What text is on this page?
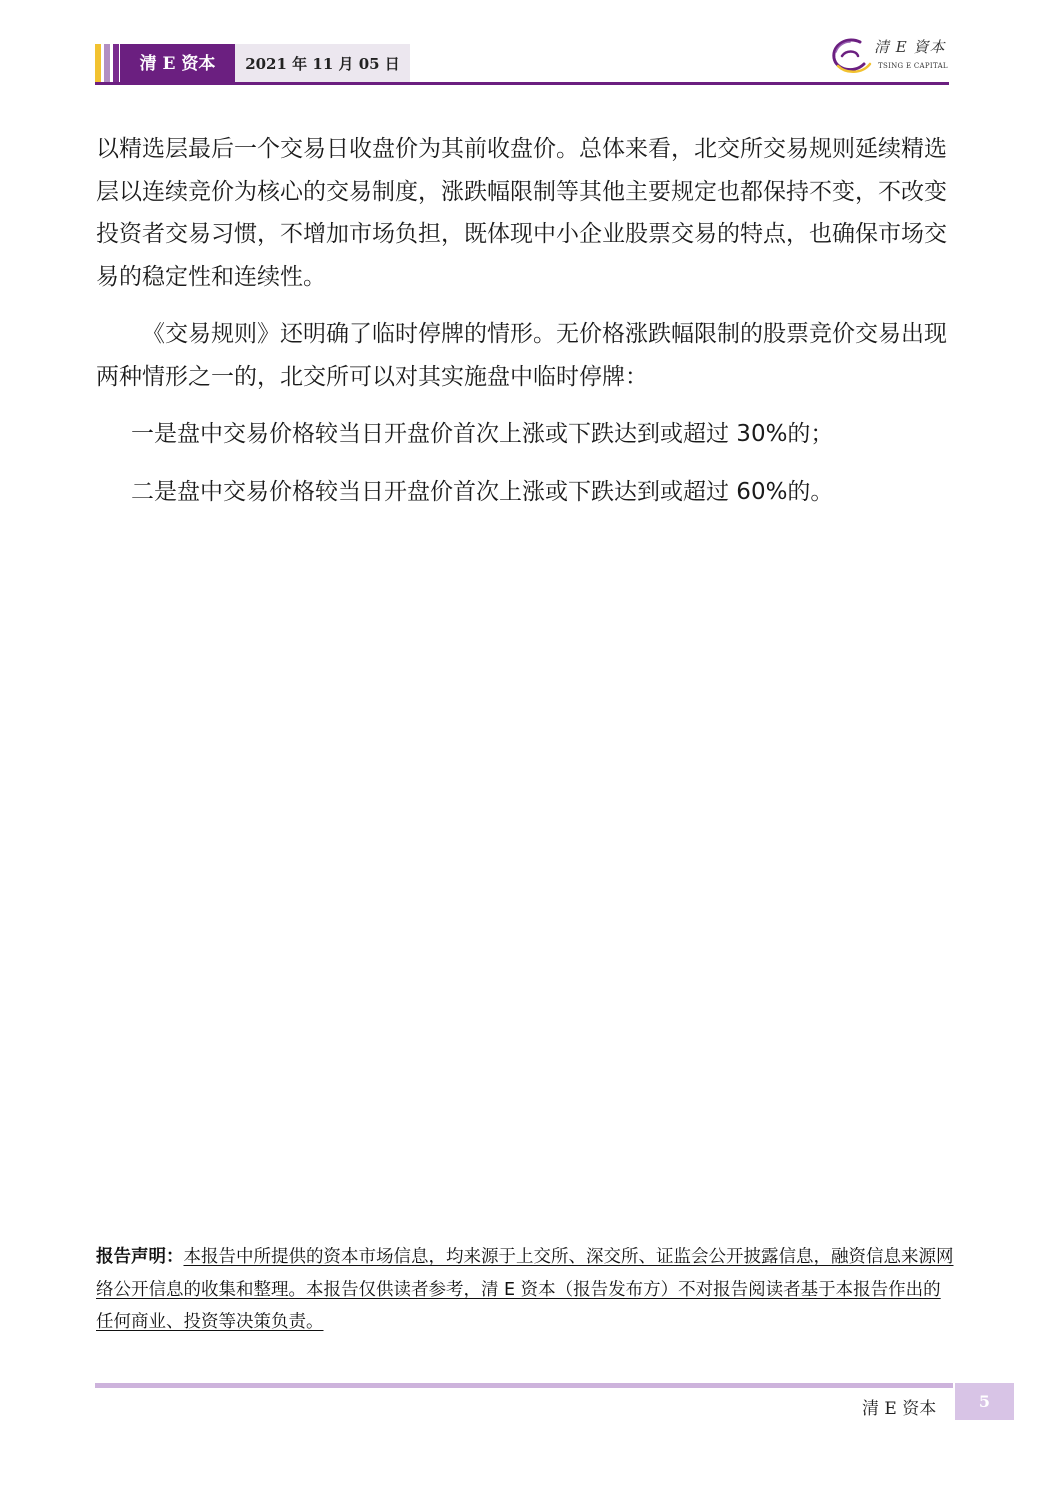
清 E 资本	2021 年 11 月 05 日
清 E 資本
TSING E CAPITAL

以精选层最后一个交易日收盘价为其前收盘价。总体来看，北交所交易规则延续精选层以连续竞价为核心的交易制度，涨跌幅限制等其他主要规定也都保持不变，不改变投资者交易习惯，不增加市场负担，既体现中小企业股票交易的特点，也确保市场交易的稳定性和连续性。

《交易规则》还明确了临时停牌的情形。无价格涨跌幅限制的股票竞价交易出现两种情形之一的，北交所可以对其实施盘中临时停牌：

一是盘中交易价格较当日开盘价首次上涨或下跌达到或超过 30%的；

二是盘中交易价格较当日开盘价首次上涨或下跌达到或超过 60%的。

报告声明：本报告中所提供的资本市场信息，均来源于上交所、深交所、证监会公开披露信息，融资信息来源网络公开信息的收集和整理。本报告仅供读者参考，清 E 资本（报告发布方）不对报告阅读者基于本报告作出的任何商业、投资等决策负责。
清 E 资本	5
